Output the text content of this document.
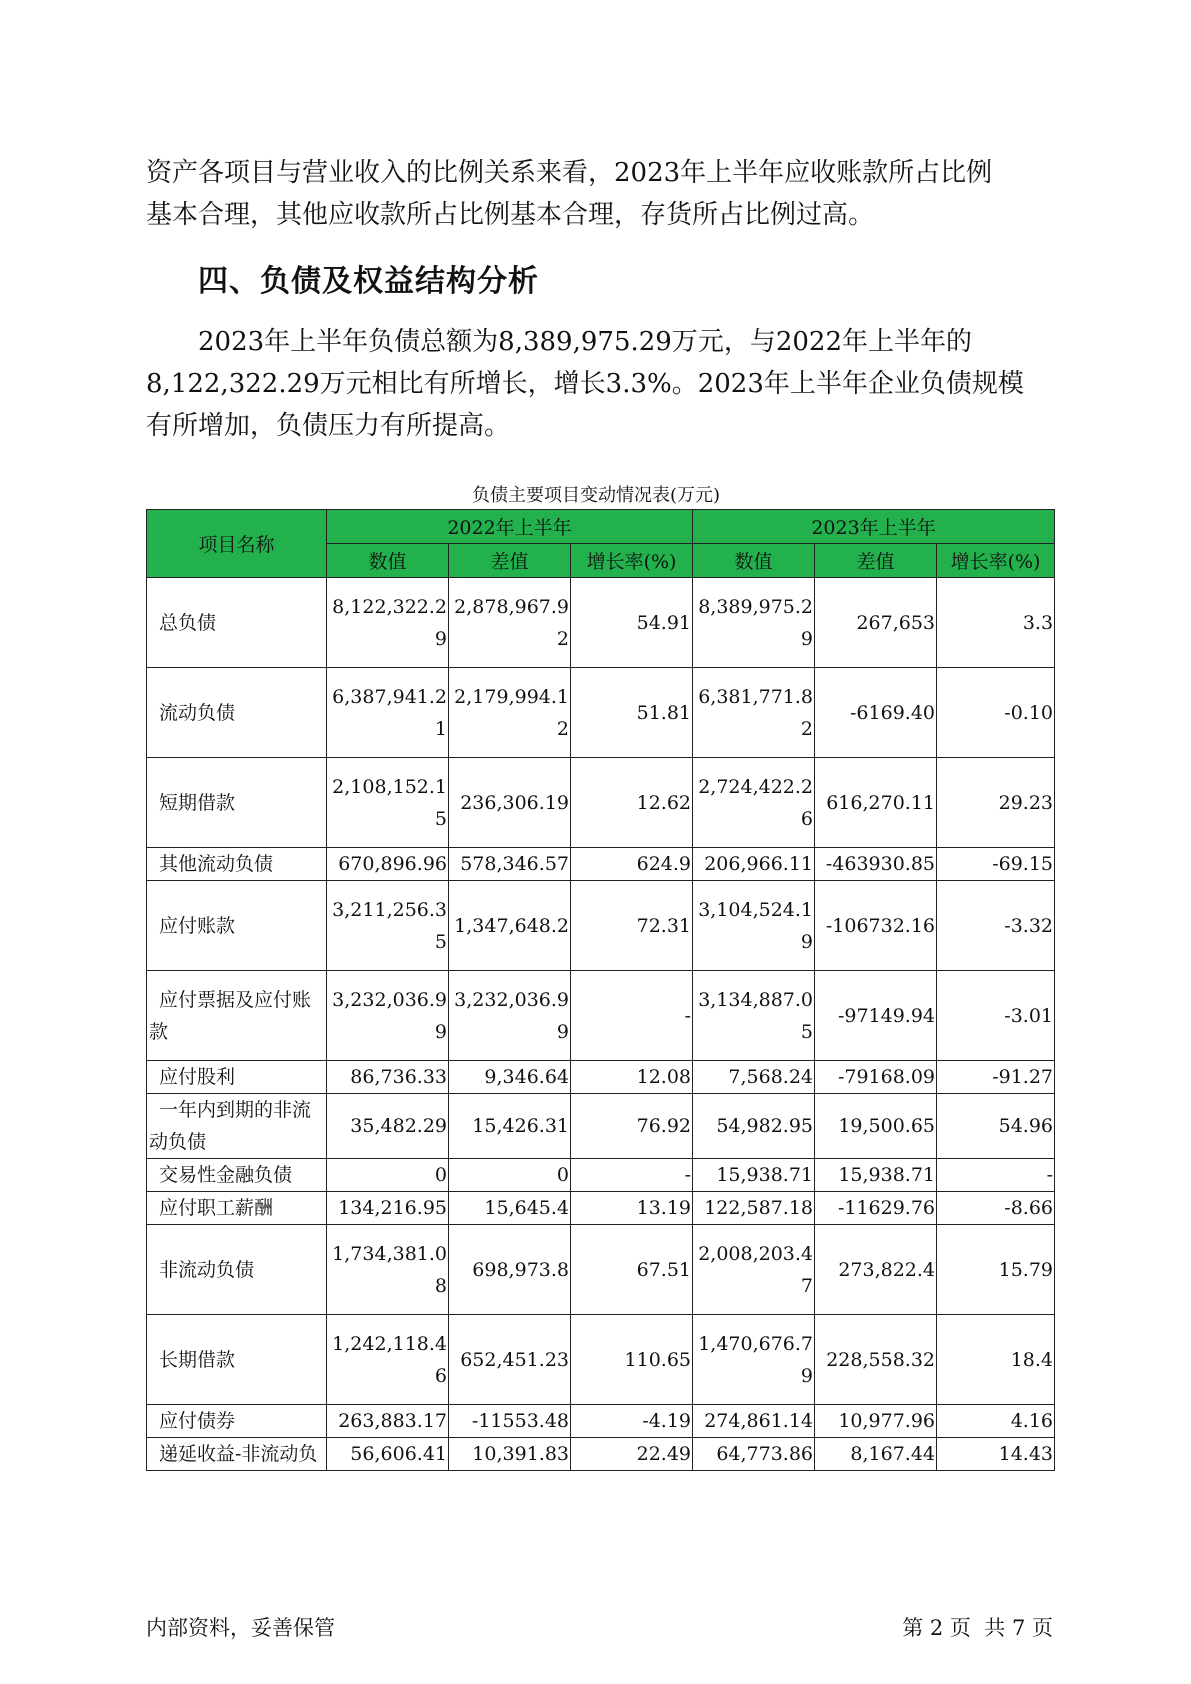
资产各项目与营业收入的比例关系来看，2023年上半年应收账款所占比例
基本合理，其他应收款所占比例基本合理，存货所占比例过高。

四、负债及权益结构分析

2023年上半年负债总额为8,389,975.29万元，与2022年上半年的
8,122,322.29万元相比有所增长，增长3.3%。2023年上半年企业负债规模
有所增加，负债压力有所提高。

负债主要项目变动情况表(万元)
项目名称	2022年上半年			2023年上半年		
	数值	差值	增长率(%)	数值	差值	增长率(%)
总负债	8,122,322.29	2,878,967.92	54.91	8,389,975.29	267,653	3.3
流动负债	6,387,941.21	2,179,994.12	51.81	6,381,771.82	-6169.40	-0.10
短期借款	2,108,152.15	236,306.19	12.62	2,724,422.26	616,270.11	29.23
其他流动负债	670,896.96	578,346.57	624.9	206,966.11	-463930.85	-69.15
应付账款	3,211,256.35	1,347,648.2	72.31	3,104,524.19	-106732.16	-3.32
应付票据及应付账款	3,232,036.99	3,232,036.99	-	3,134,887.05	-97149.94	-3.01
应付股利	86,736.33	9,346.64	12.08	7,568.24	-79168.09	-91.27
一年内到期的非流动负债	35,482.29	15,426.31	76.92	54,982.95	19,500.65	54.96
交易性金融负债	0	0	-	15,938.71	15,938.71	-
应付职工薪酬	134,216.95	15,645.4	13.19	122,587.18	-11629.76	-8.66
非流动负债	1,734,381.08	698,973.8	67.51	2,008,203.47	273,822.4	15.79
长期借款	1,242,118.46	652,451.23	110.65	1,470,676.79	228,558.32	18.4
应付债券	263,883.17	-11553.48	-4.19	274,861.14	10,977.96	4.16
递延收益-非流动负	56,606.41	10,391.83	22.49	64,773.86	8,167.44	14.43
内部资料，妥善保管	第 2 页  共 7 页
